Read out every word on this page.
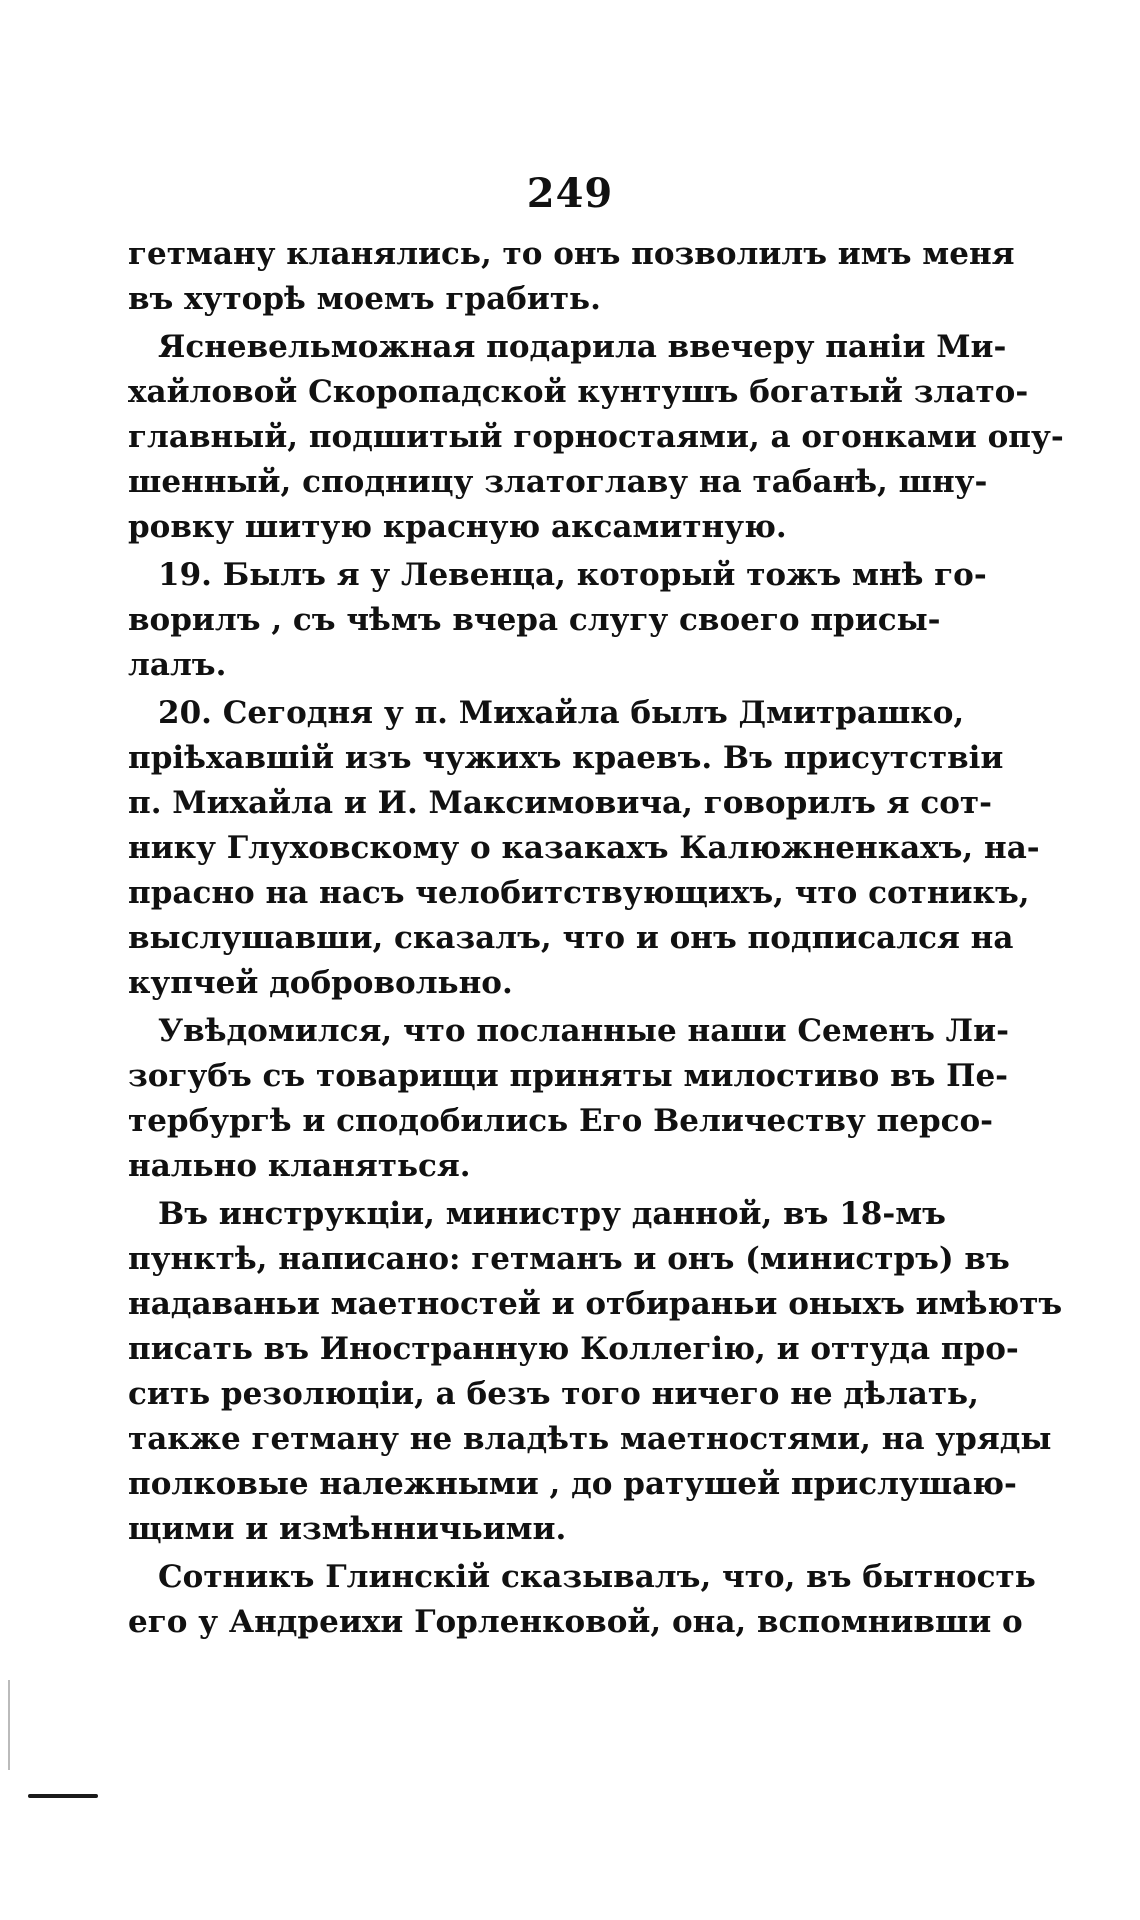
249
гетману кланялись, то онъ позволилъ имъ меня
въ хуторѣ моемъ грабить.
Ясневельможная подарила ввечеру паніи Ми-
хайловой Скоропадской кунтушъ богатый злато-
главный, подшитый горностаями, а огонками опу-
шенный, сподницу златоглаву на табанѣ, шну-
ровку шитую красную аксамитную.
19. Былъ я у Левенца, который тожъ мнѣ го-
ворилъ , съ чѣмъ вчера слугу своего присы-
лалъ.
20. Сегодня у п. Михайла былъ Дмитрашко,
пріѣхавшій изъ чужихъ краевъ. Въ присутствіи
п. Михайла и И. Максимовича, говорилъ я сот-
нику Глуховскому о казакахъ Калюжненкахъ, на-
прасно на насъ челобитствующихъ, что сотникъ,
выслушавши, сказалъ, что и онъ подписался на
купчей добровольно.
Увѣдомился, что посланные наши Семенъ Ли-
зогубъ съ товарищи приняты милостиво въ Пе-
тербургѣ и сподобились Его Величеству персо-
нально кланяться.
Въ инструкціи, министру данной, въ 18-мъ
пунктѣ, написано: гетманъ и онъ (министръ) въ
надаваньи маетностей и отбираньи оныхъ имѣютъ
писать въ Иностранную Коллегію, и оттуда про-
сить резолюціи, а безъ того ничего не дѣлать,
также гетману не владѣть маетностями, на уряды
полковые належными , до ратушей прислушаю-
щими и измѣнничьими.
Сотникъ Глинскій сказывалъ, что, въ бытность
его у Андреихи Горленковой, она, вспомнивши о
